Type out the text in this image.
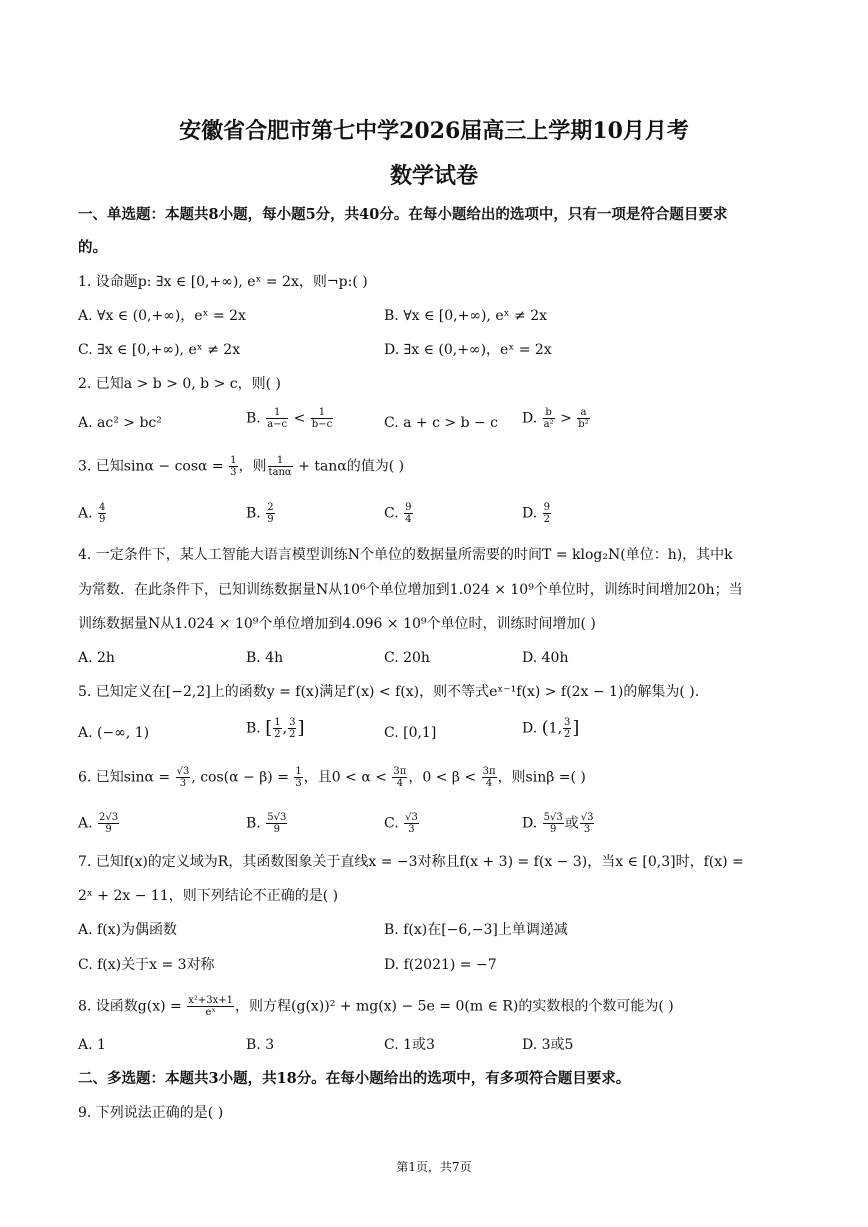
安徽省合肥市第七中学2026届高三上学期10月月考
数学试卷
一、单选题：本题共8小题，每小题5分，共40分。在每小题给出的选项中，只有一项是符合题目要求
的。
1. 设命题p: ∃x ∈ [0,+∞), eˣ = 2x，则¬p:( )
A. ∀x ∈ (0,+∞)，eˣ = 2x	B. ∀x ∈ [0,+∞), eˣ ≠ 2x
C. ∃x ∈ [0,+∞), eˣ ≠ 2x	D. ∃x ∈ (0,+∞)，eˣ = 2x
2. 已知a > b > 0, b > c，则( )
A. ac² > bc²	B. $\frac{1}{a-c} < \frac{1}{b-c}$	C. a + c > b − c D. $\frac{b}{\text{a²}} > \frac{a}{\text{b²}}$
3. 已知$\sin\alpha - \cos\alpha = \frac{1}{3}$ ，则 $\frac{1}{\tan\alpha} + \tan\alpha$的值为( )
A. $\frac{4}{9}$	B. $\frac{2}{9}$	C. $\frac{9}{4}$	D. $\frac{9}{2}$
4. 一定条件下，某人工智能大语言模型训练N个单位的数据量所需要的时间T = klog₂N(单位：h)，其中k
为常数．在此条件下，已知训练数据量N从10⁶个单位增加到1.024 × 10⁹个单位时，训练时间增加20h；当
训练数据量N从1.024 × 10⁹个单位增加到4.096 × 10⁹个单位时，训练时间增加( )
A. 2h	B. 4h	C. 20h	D. 40h
5. 已知定义在[−2,2]上的函数y = f(x)满足f′(x) < f(x)，则不等式eˣ⁻¹f(x) > f(2x − 1)的解集为( ).
A. (−∞, 1)	B. [ $\frac{1}{2}$ , $\frac{3}{2}$ ]	C. [0,1]	D. (1, $\frac{3}{2}$ ]
6. 已知$\sin\alpha = \frac{√3}{3}$ , $\cos(\alpha - \beta) = \frac{1}{3}$ ，且$0 < \alpha < \frac{3\pi}{4}$ ，$0 < \beta < \frac{3\pi}{4}$ ，则sinβ =( )
A. $\frac{2√3}{9}$	B. $\frac{5√3}{9}$	C. $\frac{√3}{3}$	D. $\frac{5√3}{9}$ 或 $\frac{√3}{3}$
7. 已知f(x)的定义域为R，其函数图象关于直线x = −3对称且f(x + 3) = f(x − 3)，当x ∈ [0,3]时，f(x) =
2ˣ + 2x − 11，则下列结论不正确的是( )
A. f(x)为偶函数	B. f(x)在[−6,−3]上单调递减
C. f(x)关于x = 3对称	D. f(2021) = −7
8. 设函数$g(x) = \frac{\text{x²+3x+1}}{\text{eˣ}}$ ，则方程(g(x))² + mg(x) − 5e = 0(m ∈ R)的实数根的个数可能为( )
A. 1	B. 3	C. 1或3	D. 3或5
二、多选题：本题共3小题，共18分。在每小题给出的选项中，有多项符合题目要求。
9. 下列说法正确的是( )
第1页，共7页
